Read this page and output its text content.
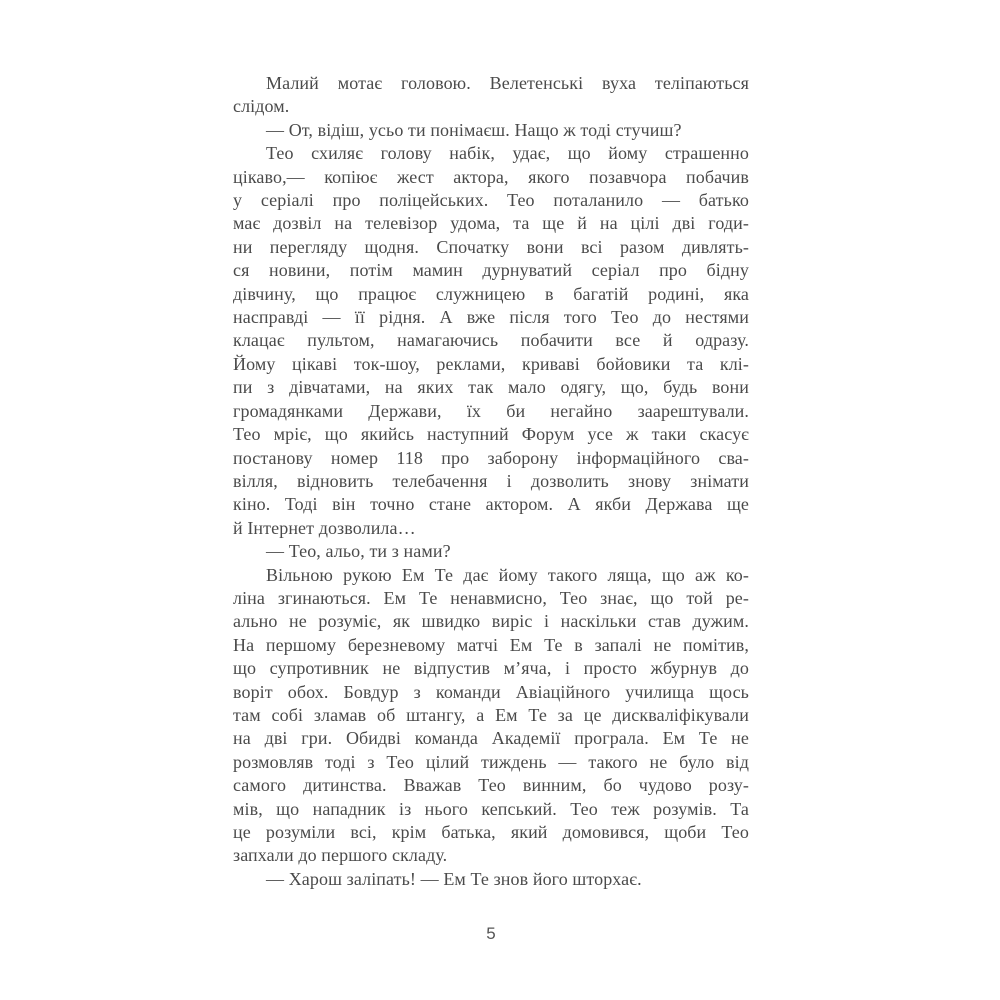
Малий мотає головою. Велетенські вуха теліпаються
слідом.
— От, відіш, усьо ти понімаєш. Нащо ж тоді стучиш?
Тео схиляє голову набік, удає, що йому страшенно
цікаво,— копіює жест актора, якого позавчора побачив
у серіалі про поліцейських. Тео поталанило — батько
має дозвіл на телевізор удома, та ще й на цілі дві годи-
ни перегляду щодня. Спочатку вони всі разом дивлять-
ся новини, потім мамин дурнуватий серіал про бідну
дівчину, що працює служницею в багатій родині, яка
насправді — її рідня. А вже після того Тео до нестями
клацає пультом, намагаючись побачити все й одразу.
Йому цікаві ток-шоу, реклами, криваві бойовики та клі-
пи з дівчатами, на яких так мало одягу, що, будь вони
громадянками Держави, їх би негайно заарештували.
Тео мріє, що якийсь наступний Форум усе ж таки скасує
постанову номер 118 про заборону інформаційного сва-
вілля, відновить телебачення і дозволить знову знімати
кіно. Тоді він точно стане актором. А якби Держава ще
й Інтернет дозволила…
— Тео, альо, ти з нами?
Вільною рукою Ем Те дає йому такого ляща, що аж ко-
ліна згинаються. Ем Те ненавмисно, Тео знає, що той ре-
ально не розуміє, як швидко виріс і наскільки став дужим.
На першому березневому матчі Ем Те в запалі не помітив,
що супротивник не відпустив м’яча, і просто жбурнув до
воріт обох. Бовдур з команди Авіаційного училища щось
там собі зламав об штангу, а Ем Те за це дискваліфікували
на дві гри. Обидві команда Академії програла. Ем Те не
розмовляв тоді з Тео цілий тиждень — такого не було від
самого дитинства. Вважав Тео винним, бо чудово розу-
мів, що нападник із нього кепський. Тео теж розумів. Та
це розуміли всі, крім батька, який домовився, щоби Тео
запхали до першого складу.
— Харош заліпать! — Ем Те знов його шторхає.
5
